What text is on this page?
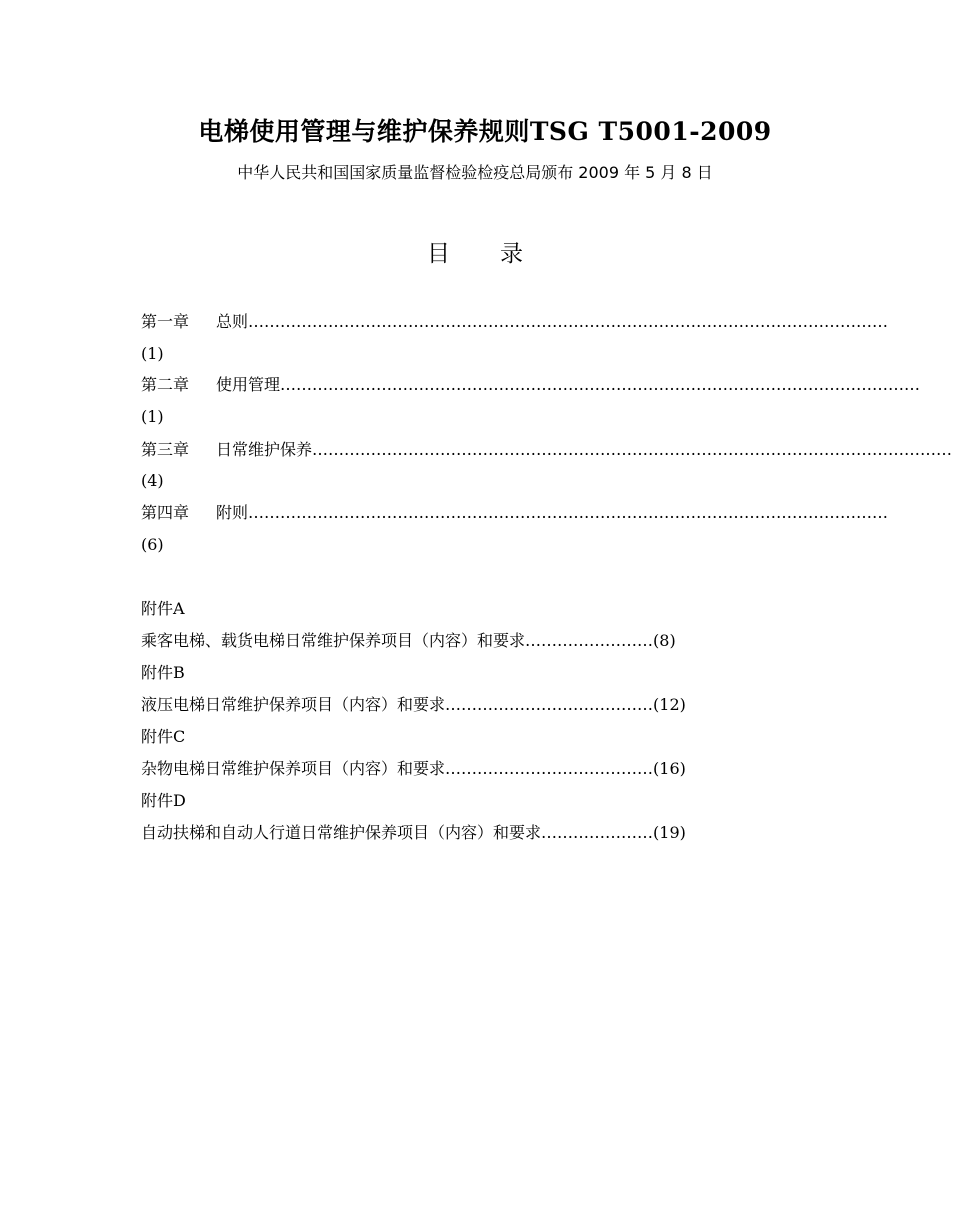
电梯使用管理与维护保养规则TSG T5001-2009
中华人民共和国国家质量监督检验检疫总局颁布 2009 年 5 月 8 日
目 录
第一章 总则…………………………………………………………………………………………………………
(1)
第二章 使用管理…………………………………………………………………………………………………………
(1)
第三章 日常维护保养…………………………………………………………………………………………………………
(4)
第四章 附则…………………………………………………………………………………………………………
(6)
附件A
乘客电梯、载货电梯日常维护保养项目（内容）和要求……………………(8)
附件B
液压电梯日常维护保养项目（内容）和要求…………………………………(12)
附件C
杂物电梯日常维护保养项目（内容）和要求…………………………………(16)
附件D
自动扶梯和自动人行道日常维护保养项目（内容）和要求…………………(19)
